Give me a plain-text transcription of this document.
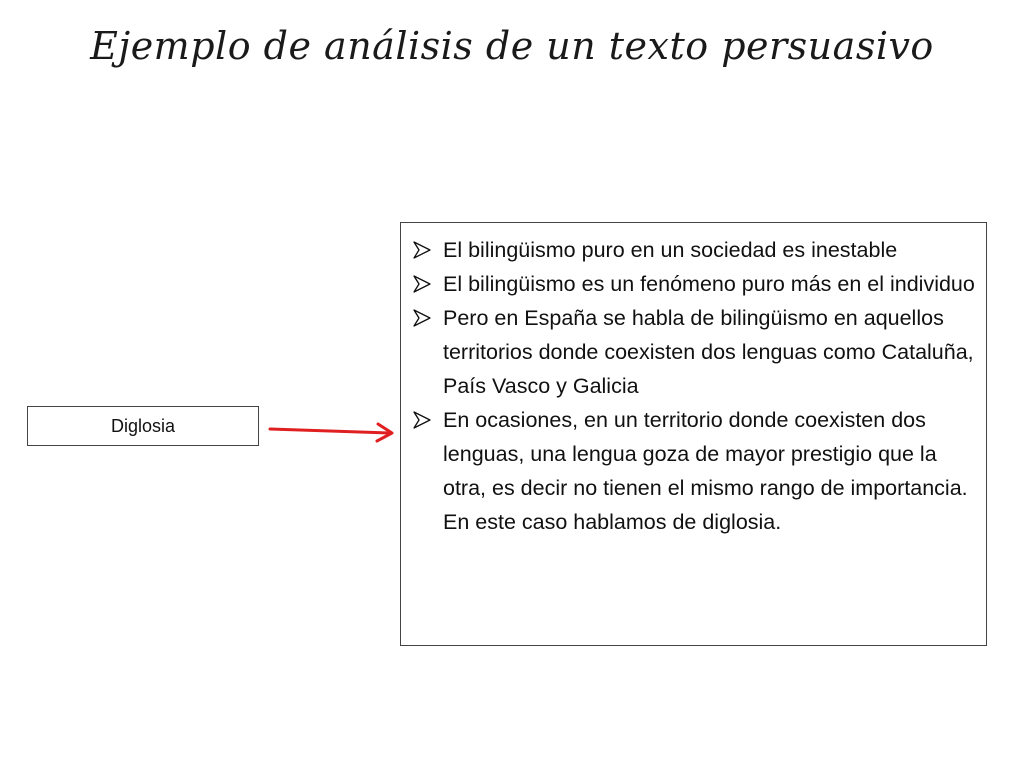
Ejemplo de análisis de un texto persuasivo
Diglosia
El bilingüismo puro en un sociedad es inestable
El bilingüismo es un fenómeno puro más en el individuo
Pero en España se habla de bilingüismo en aquellos territorios donde coexisten dos lenguas como Cataluña, País Vasco y Galicia
En ocasiones, en un territorio donde coexisten dos lenguas, una lengua goza de mayor prestigio que la otra, es decir no tienen el mismo rango de importancia. En este caso hablamos de diglosia.
